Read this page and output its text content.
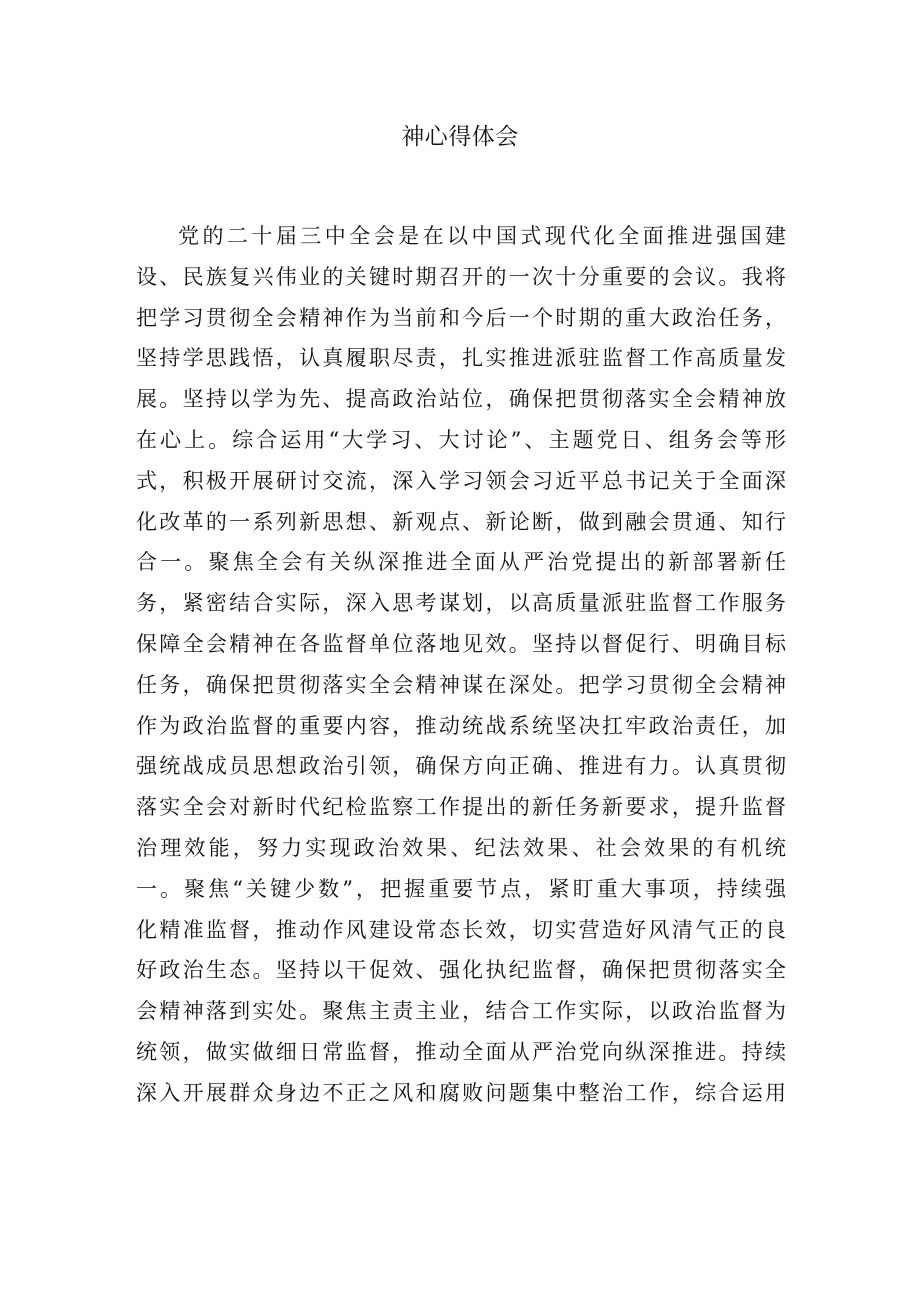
神心得体会
党的二十届三中全会是在以中国式现代化全面推进强国建
设、民族复兴伟业的关键时期召开的一次十分重要的会议。我将
把学习贯彻全会精神作为当前和今后一个时期的重大政治任务，
坚持学思践悟，认真履职尽责，扎实推进派驻监督工作高质量发
展。坚持以学为先、提高政治站位，确保把贯彻落实全会精神放
在心上。综合运用“大学习、大讨论”、主题党日、组务会等形
式，积极开展研讨交流，深入学习领会习近平总书记关于全面深
化改革的一系列新思想、新观点、新论断，做到融会贯通、知行
合一。聚焦全会有关纵深推进全面从严治党提出的新部署新任
务，紧密结合实际，深入思考谋划，以高质量派驻监督工作服务
保障全会精神在各监督单位落地见效。坚持以督促行、明确目标
任务，确保把贯彻落实全会精神谋在深处。把学习贯彻全会精神
作为政治监督的重要内容，推动统战系统坚决扛牢政治责任，加
强统战成员思想政治引领，确保方向正确、推进有力。认真贯彻
落实全会对新时代纪检监察工作提出的新任务新要求，提升监督
治理效能，努力实现政治效果、纪法效果、社会效果的有机统
一。聚焦“关键少数”，把握重要节点，紧盯重大事项，持续强
化精准监督，推动作风建设常态长效，切实营造好风清气正的良
好政治生态。坚持以干促效、强化执纪监督，确保把贯彻落实全
会精神落到实处。聚焦主责主业，结合工作实际，以政治监督为
统领，做实做细日常监督，推动全面从严治党向纵深推进。持续
深入开展群众身边不正之风和腐败问题集中整治工作，综合运用
